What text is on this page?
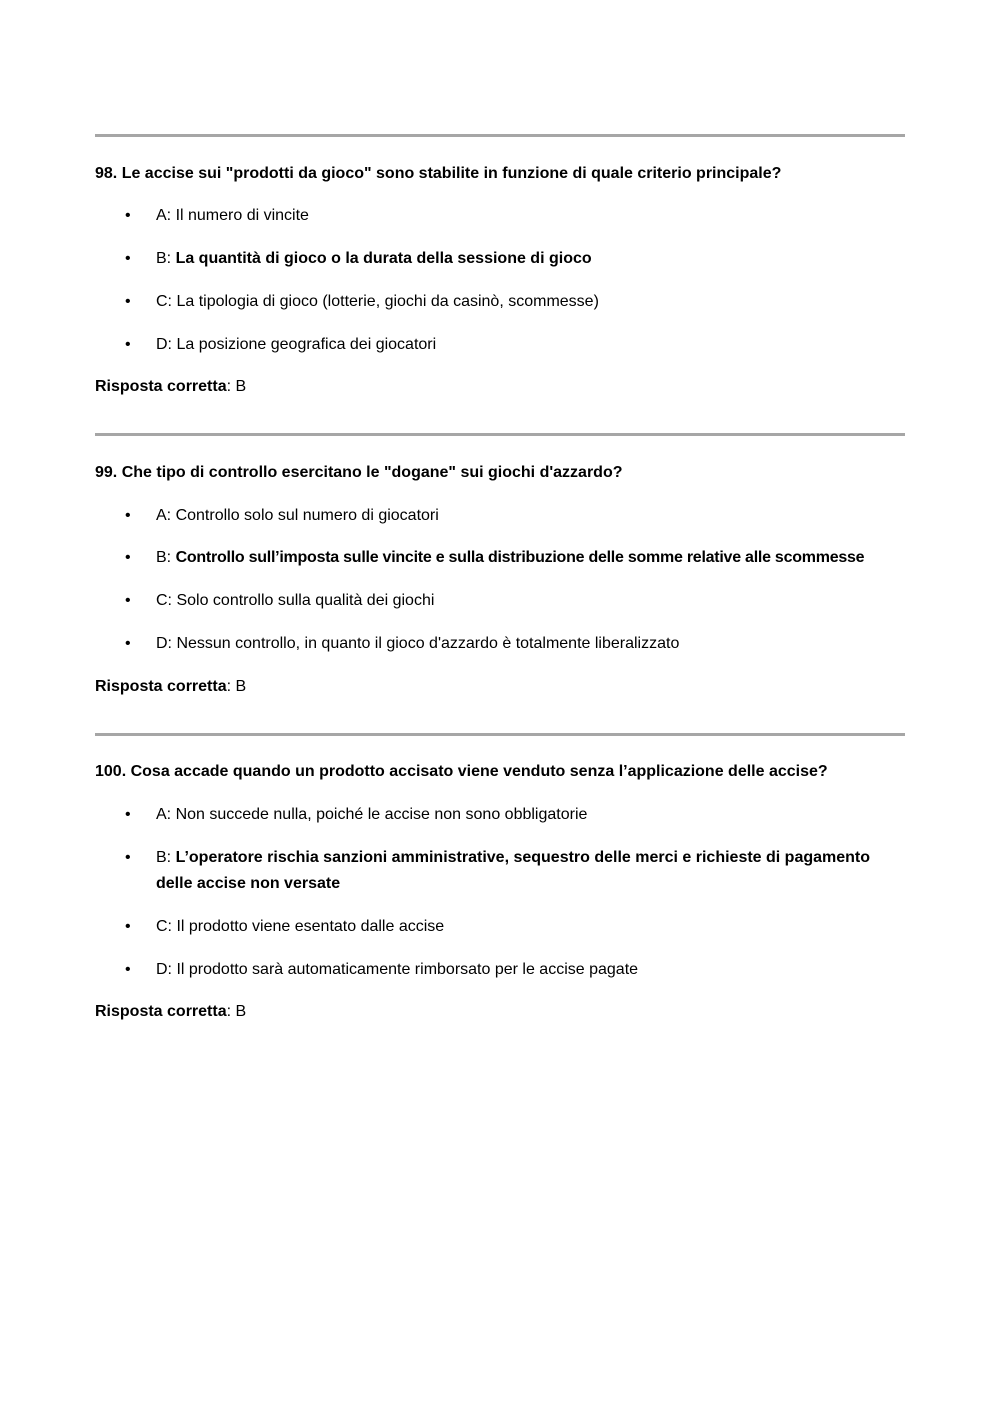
98. Le accise sui "prodotti da gioco" sono stabilite in funzione di quale criterio principale?
• A: Il numero di vincite
• B: La quantità di gioco o la durata della sessione di gioco
• C: La tipologia di gioco (lotterie, giochi da casinò, scommesse)
• D: La posizione geografica dei giocatori
Risposta corretta: B
99. Che tipo di controllo esercitano le "dogane" sui giochi d'azzardo?
• A: Controllo solo sul numero di giocatori
• B: Controllo sull’imposta sulle vincite e sulla distribuzione delle somme relative alle scommesse
• C: Solo controllo sulla qualità dei giochi
• D: Nessun controllo, in quanto il gioco d'azzardo è totalmente liberalizzato
Risposta corretta: B
100. Cosa accade quando un prodotto accisato viene venduto senza l’applicazione delle accise?
• A: Non succede nulla, poiché le accise non sono obbligatorie
• B: L’operatore rischia sanzioni amministrative, sequestro delle merci e richieste di pagamento delle accise non versate
• C: Il prodotto viene esentato dalle accise
• D: Il prodotto sarà automaticamente rimborsato per le accise pagate
Risposta corretta: B
